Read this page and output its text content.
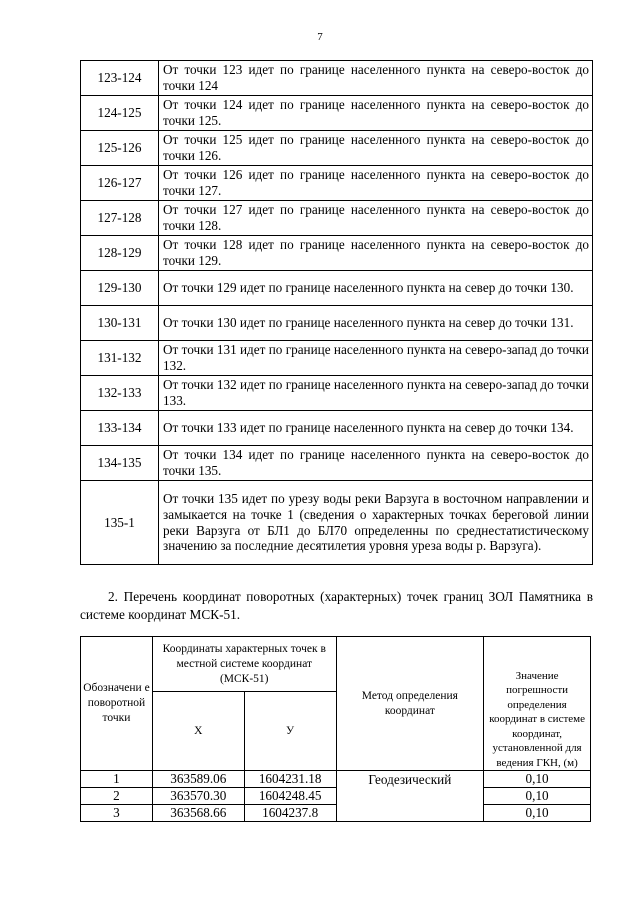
7
123-124	От точки 123 идет по границе населенного пункта на северо-восток до точки 124
124-125	От точки 124 идет по границе населенного пункта на северо-восток до точки 125.
125-126	От точки 125 идет по границе населенного пункта на северо-восток до точки 126.
126-127	От точки 126 идет по границе населенного пункта на северо-восток до точки 127.
127-128	От точки 127 идет по границе населенного пункта на северо-восток до точки 128.
128-129	От точки 128 идет по границе населенного пункта на северо-восток до точки 129.
129-130	От точки 129 идет по границе населенного пункта на север до точки 130.
130-131	От точки 130 идет по границе населенного пункта на север до точки 131.
131-132	От точки 131 идет по границе населенного пункта на северо-запад до точки 132.
132-133	От точки 132 идет по границе населенного пункта на северо-запад до точки 133.
133-134	От точки 133 идет по границе населенного пункта на север до точки 134.
134-135	От точки 134 идет по границе населенного пункта на северо-восток до точки 135.
135-1	От точки 135 идет по урезу воды реки Варзуга в восточном направлении и замыкается на точке 1 (сведения о характерных точках береговой линии реки Варзуга от БЛ1 до БЛ70 определенны по среднестатистическому значению за последние десятилетия уровня уреза воды р. Варзуга).

2. Перечень координат поворотных (характерных) точек границ ЗОЛ Памятника в системе координат МСК-51.

Обозначени е поворотной точки	Координаты характерных точек в местной системе координат (МСК-51)		Метод определения координат	Значение погрешности определения координат в системе координат, установленной для ведения ГКН, (м)
	X	У		
1	363589.06	1604231.18	Геодезический	0,10
2	363570.30	1604248.45		0,10
3	363568.66	1604237.8		0,10
